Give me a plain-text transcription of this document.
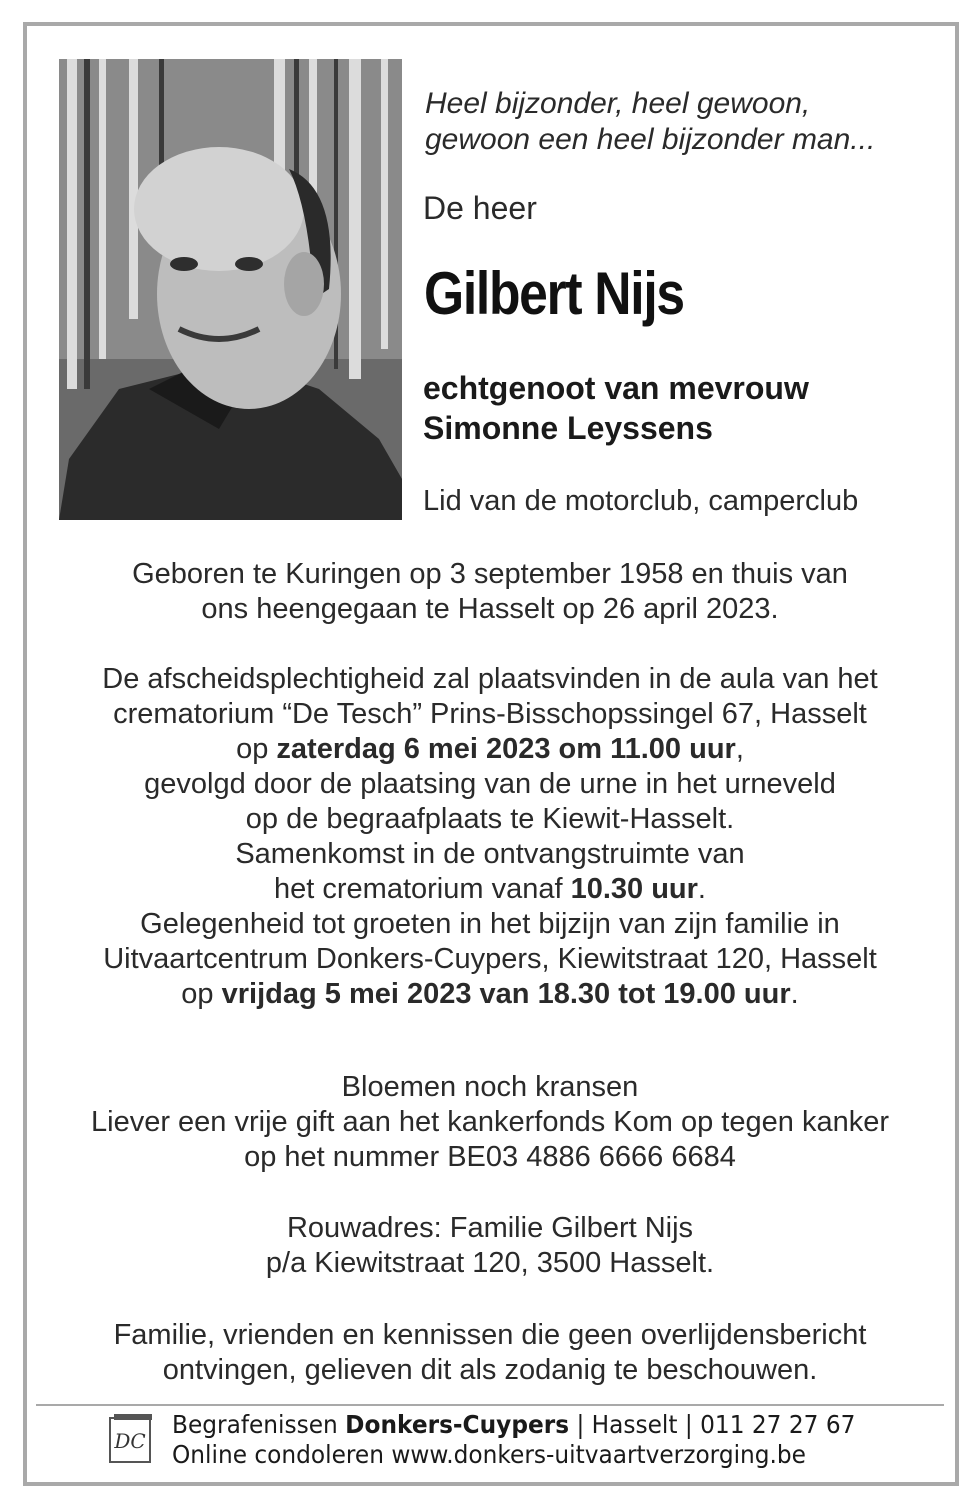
Heel bijzonder, heel gewoon,
gewoon een heel bijzonder man...
De heer
Gilbert Nijs
echtgenoot van mevrouw
Simonne Leyssens
Lid van de motorclub, camperclub
Geboren te Kuringen op 3 september 1958 en thuis van
ons heengegaan te Hasselt op 26 april 2023.
De afscheidsplechtigheid zal plaatsvinden in de aula van het
crematorium “De Tesch” Prins-Bisschopssingel 67, Hasselt
op zaterdag 6 mei 2023 om 11.00 uur,
gevolgd door de plaatsing van de urne in het urneveld
op de begraafplaats te Kiewit-Hasselt.
Samenkomst in de ontvangstruimte van
het crematorium vanaf 10.30 uur.
Gelegenheid tot groeten in het bijzijn van zijn familie in
Uitvaartcentrum Donkers-Cuypers, Kiewitstraat 120, Hasselt
op vrijdag 5 mei 2023 van 18.30 tot 19.00 uur.
Bloemen noch kransen
Liever een vrije gift aan het kankerfonds Kom op tegen kanker
op het nummer BE03 4886 6666 6684
Rouwadres: Familie Gilbert Nijs
p/a Kiewitstraat 120, 3500 Hasselt.
Familie, vrienden en kennissen die geen overlijdensbericht
ontvingen, gelieven dit als zodanig te beschouwen.
DC
Begrafenissen Donkers-Cuypers | Hasselt | 011 27 27 67
Online condoleren www.donkers-uitvaartverzorging.be
